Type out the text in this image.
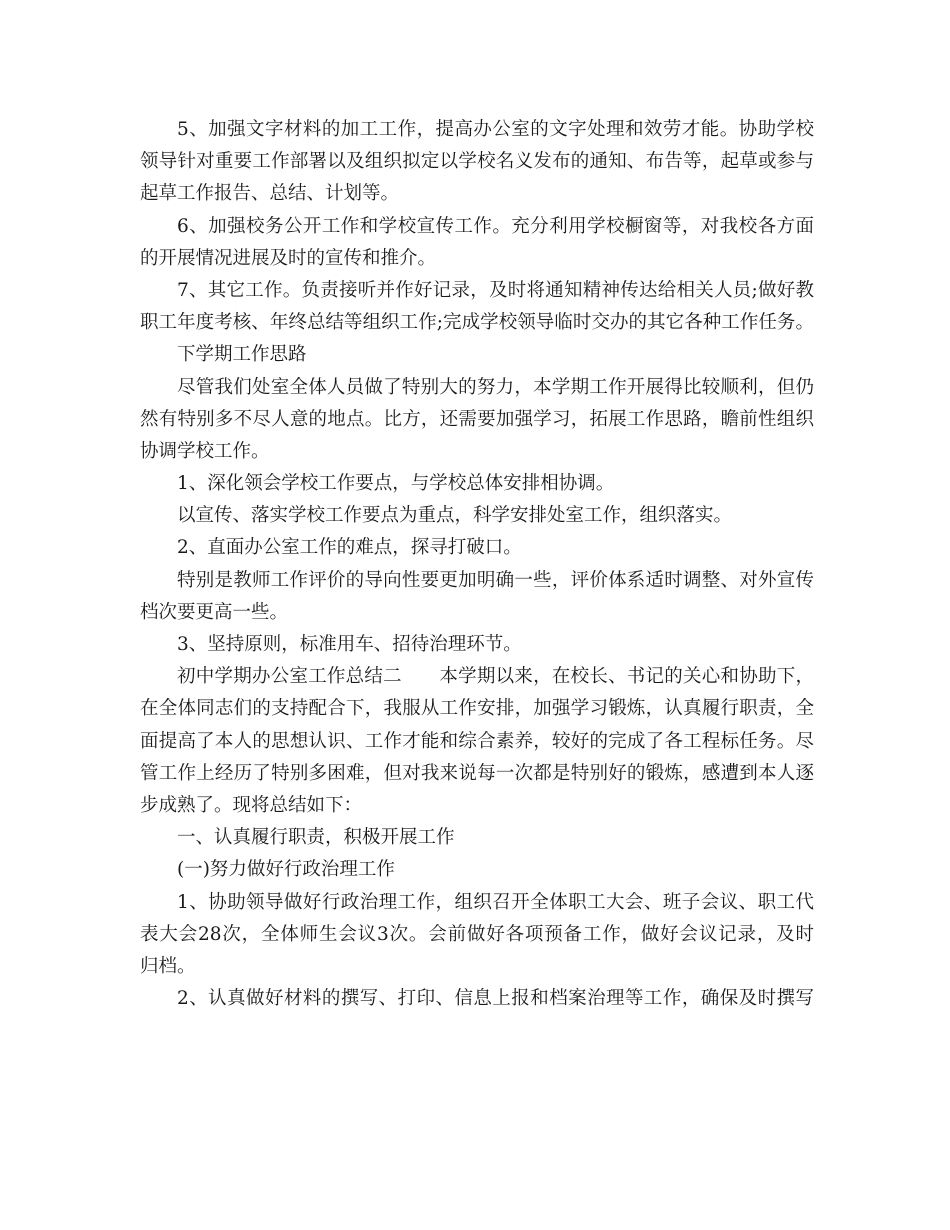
5、加强文字材料的加工工作，提高办公室的文字处理和效劳才能。协助学校
领导针对重要工作部署以及组织拟定以学校名义发布的通知、布告等，起草或参与
起草工作报告、总结、计划等。
6、加强校务公开工作和学校宣传工作。充分利用学校橱窗等，对我校各方面
的开展情况进展及时的宣传和推介。
7、其它工作。负责接听并作好记录，及时将通知精神传达给相关人员;做好教
职工年度考核、年终总结等组织工作;完成学校领导临时交办的其它各种工作任务。
下学期工作思路
尽管我们处室全体人员做了特别大的努力，本学期工作开展得比较顺利，但仍
然有特别多不尽人意的地点。比方，还需要加强学习，拓展工作思路，瞻前性组织
协调学校工作。
1、深化领会学校工作要点，与学校总体安排相协调。
以宣传、落实学校工作要点为重点，科学安排处室工作，组织落实。
2、直面办公室工作的难点，探寻打破口。
特别是教师工作评价的导向性要更加明确一些，评价体系适时调整、对外宣传
档次要更高一些。
3、坚持原则，标准用车、招待治理环节。
初中学期办公室工作总结二　　本学期以来，在校长、书记的关心和协助下，
在全体同志们的支持配合下，我服从工作安排，加强学习锻炼，认真履行职责，全
面提高了本人的思想认识、工作才能和综合素养，较好的完成了各工程标任务。尽
管工作上经历了特别多困难，但对我来说每一次都是特别好的锻炼，感遭到本人逐
步成熟了。现将总结如下：
一、认真履行职责，积极开展工作
(一)努力做好行政治理工作
1、协助领导做好行政治理工作，组织召开全体职工大会、班子会议、职工代
表大会28次，全体师生会议3次。会前做好各项预备工作，做好会议记录，及时
归档。
2、认真做好材料的撰写、打印、信息上报和档案治理等工作，确保及时撰写
